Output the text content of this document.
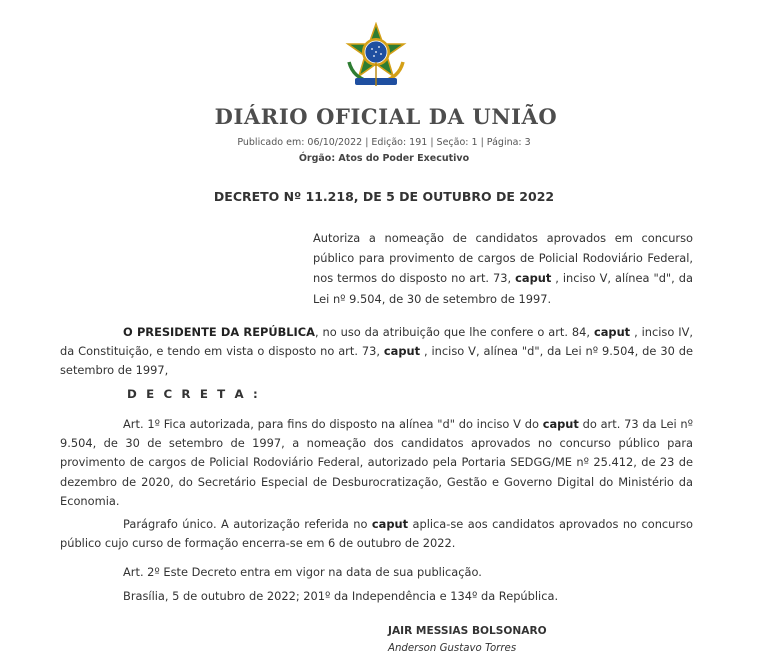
DIÁRIO OFICIAL DA UNIÃO
Publicado em: 06/10/2022 | Edição: 191 | Seção: 1 | Página: 3
Órgão: Atos do Poder Executivo
DECRETO Nº 11.218, DE 5 DE OUTUBRO DE 2022
Autoriza a nomeação de candidatos aprovados em concurso público para provimento de cargos de Policial Rodoviário Federal, nos termos do disposto no art. 73, caput , inciso V, alínea "d", da Lei nº 9.504, de 30 de setembro de 1997.
O PRESIDENTE DA REPÚBLICA, no uso da atribuição que lhe confere o art. 84, caput , inciso IV, da Constituição, e tendo em vista o disposto no art. 73, caput , inciso V, alínea "d", da Lei nº 9.504, de 30 de setembro de 1997,
D E C R E T A :
Art. 1º Fica autorizada, para fins do disposto na alínea "d" do inciso V do caput do art. 73 da Lei nº 9.504, de 30 de setembro de 1997, a nomeação dos candidatos aprovados no concurso público para provimento de cargos de Policial Rodoviário Federal, autorizado pela Portaria SEDGG/ME nº 25.412, de 23 de dezembro de 2020, do Secretário Especial de Desburocratização, Gestão e Governo Digital do Ministério da Economia.
Parágrafo único. A autorização referida no caput aplica-se aos candidatos aprovados no concurso público cujo curso de formação encerra-se em 6 de outubro de 2022.
Art. 2º Este Decreto entra em vigor na data de sua publicação.
Brasília, 5 de outubro de 2022; 201º da Independência e 134º da República.
JAIR MESSIAS BOLSONARO
Anderson Gustavo Torres
